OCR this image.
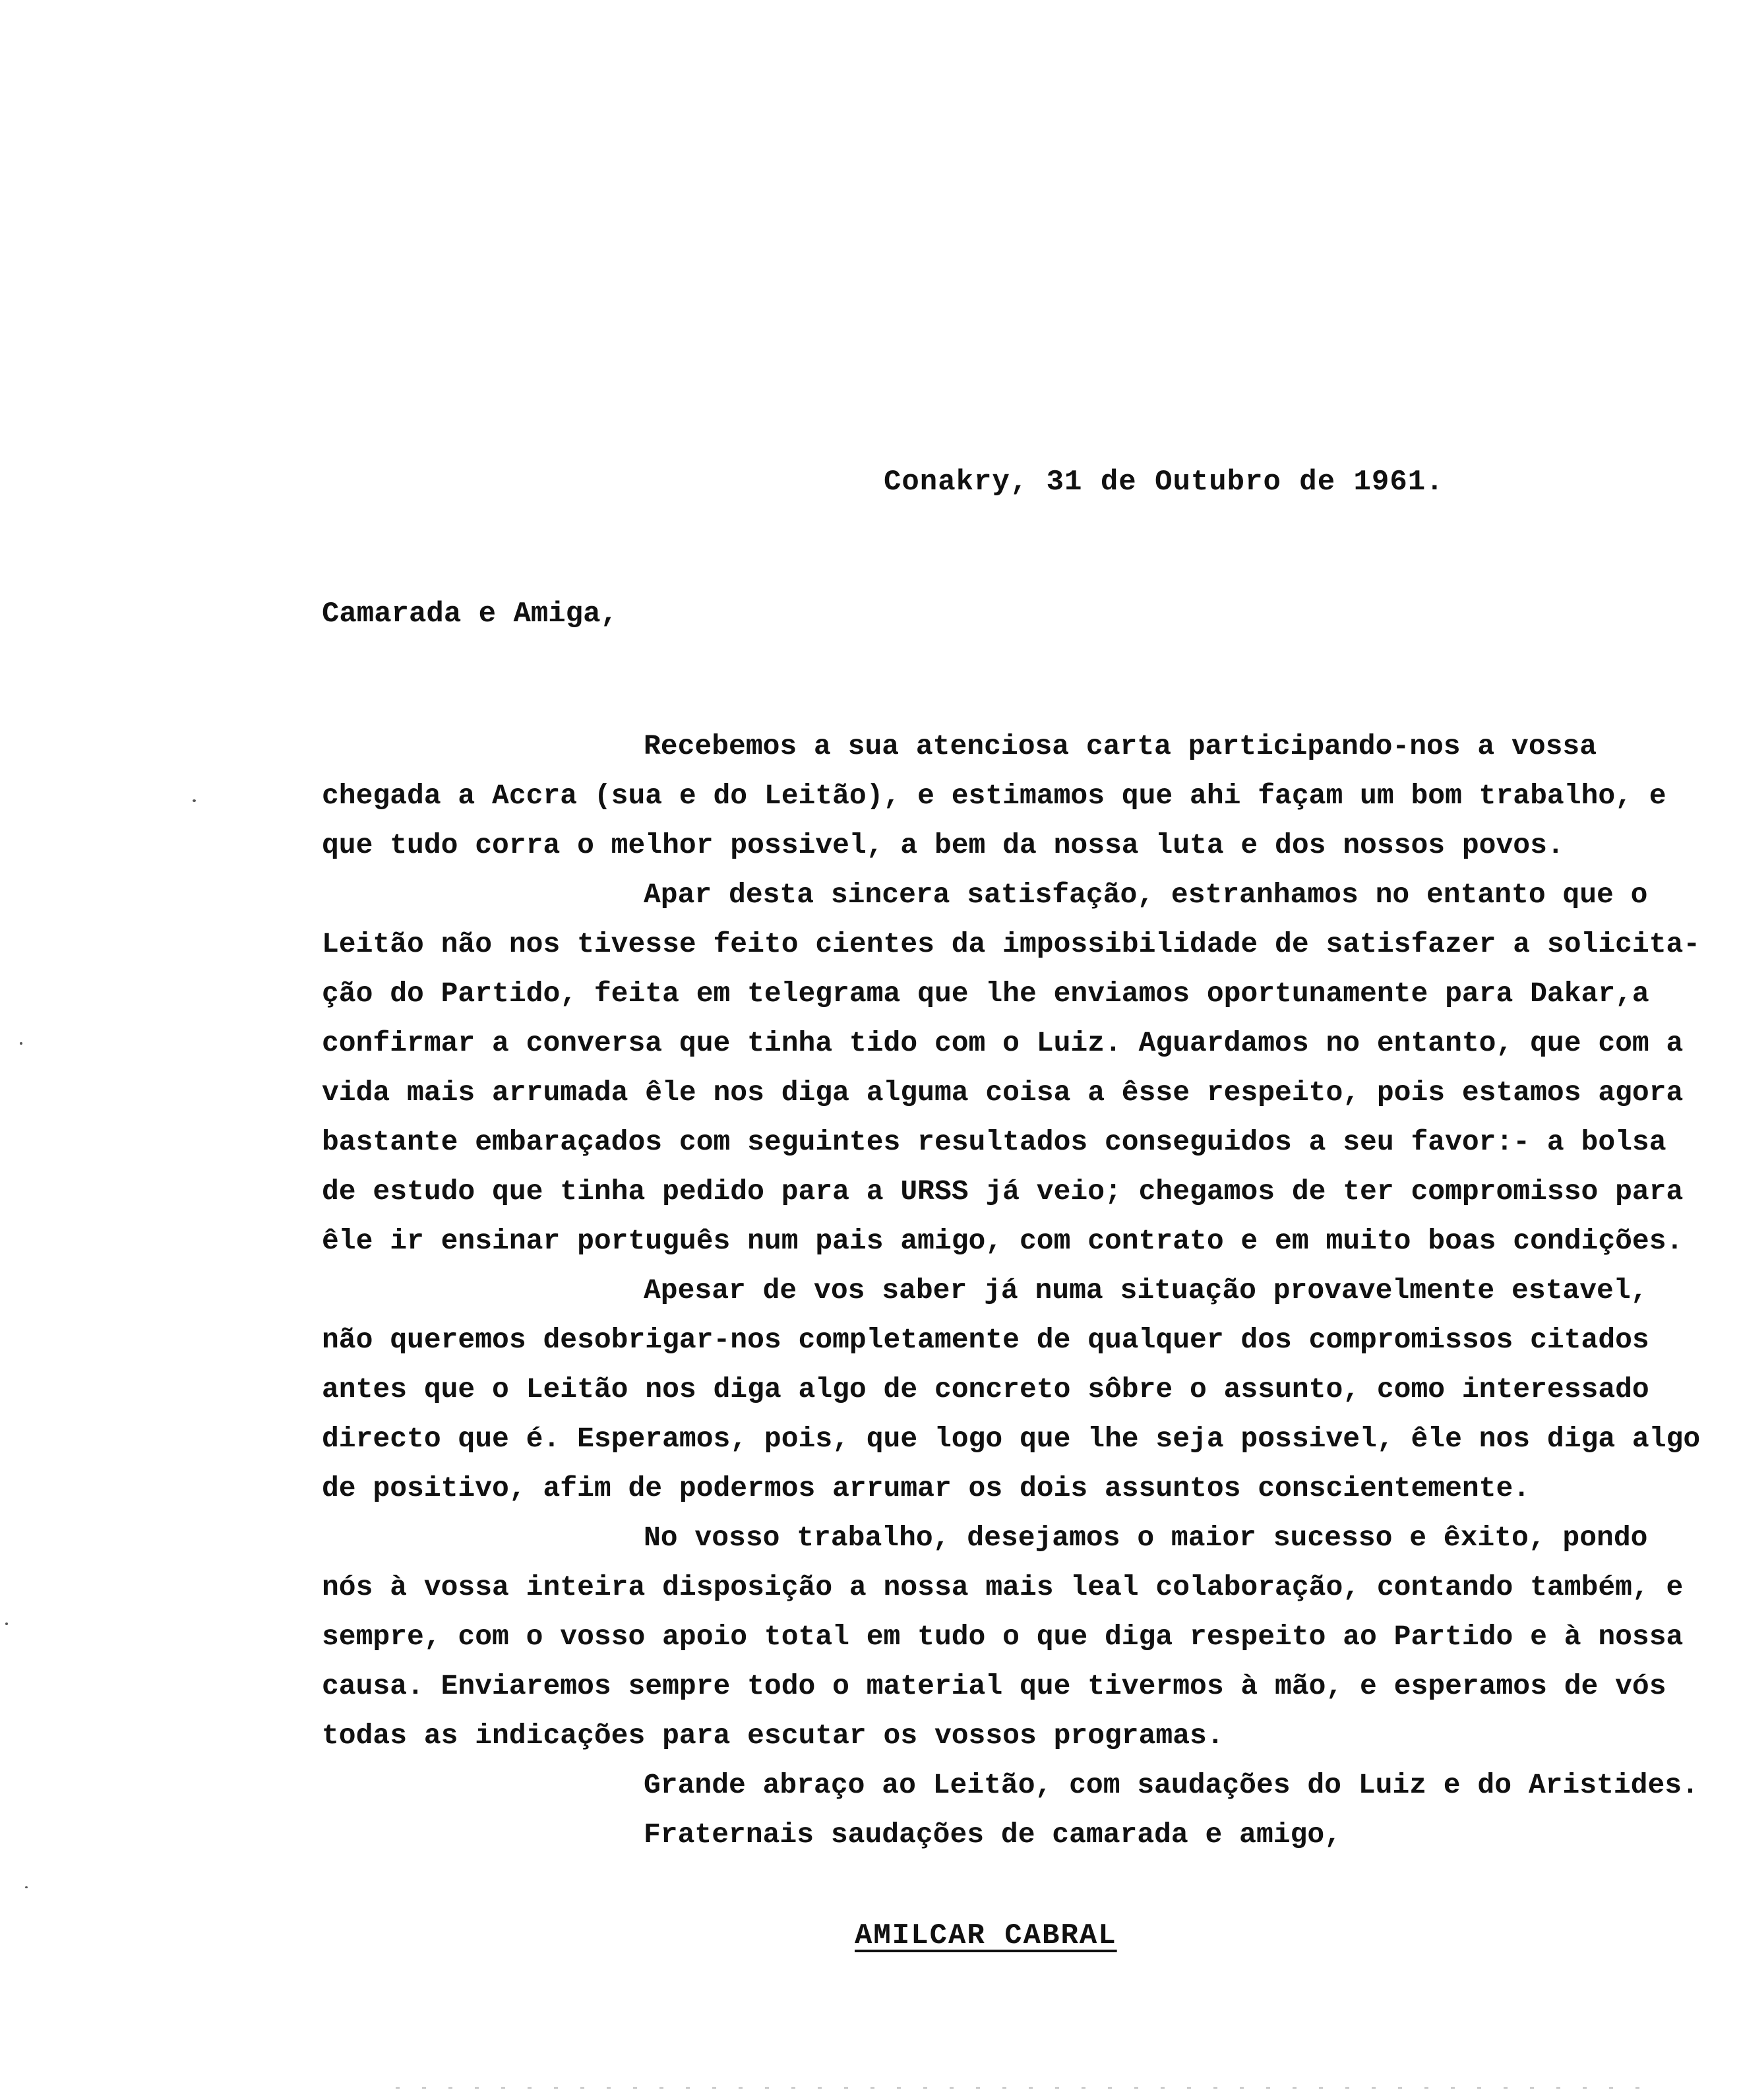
Conakry, 31 de Outubro de 1961.
Camarada e Amiga,
Recebemos a sua atenciosa carta participando-nos a vossa
chegada a Accra (sua e do Leitão), e estimamos que ahi façam um bom trabalho, e
que tudo corra o melhor possivel, a bem da nossa luta e dos nossos povos.
Apar desta sincera satisfação, estranhamos no entanto que o
Leitão não nos tivesse feito cientes da impossibilidade de satisfazer a solicita-
ção do Partido, feita em telegrama que lhe enviamos oportunamente para Dakar,a
confirmar a conversa que tinha tido com o Luiz. Aguardamos no entanto, que com a
vida mais arrumada êle nos diga alguma coisa a êsse respeito, pois estamos agora
bastante embaraçados com seguintes resultados conseguidos a seu favor:- a bolsa
de estudo que tinha pedido para a URSS já veio; chegamos de ter compromisso para
êle ir ensinar português num pais amigo, com contrato e em muito boas condições.
Apesar de vos saber já numa situação provavelmente estavel,
não queremos desobrigar-nos completamente de qualquer dos compromissos citados
antes que o Leitão nos diga algo de concreto sôbre o assunto, como interessado
directo que é. Esperamos, pois, que logo que lhe seja possivel, êle nos diga algo
de positivo, afim de podermos arrumar os dois assuntos conscientemente.
No vosso trabalho, desejamos o maior sucesso e êxito, pondo
nós à vossa inteira disposição a nossa mais leal colaboração, contando também, e
sempre, com o vosso apoio total em tudo o que diga respeito ao Partido e à nossa
causa. Enviaremos sempre todo o material que tivermos à mão, e esperamos de vós
todas as indicações para escutar os vossos programas.
Grande abraço ao Leitão, com saudações do Luiz e do Aristides.
Fraternais saudações de camarada e amigo,
AMILCAR CABRAL
